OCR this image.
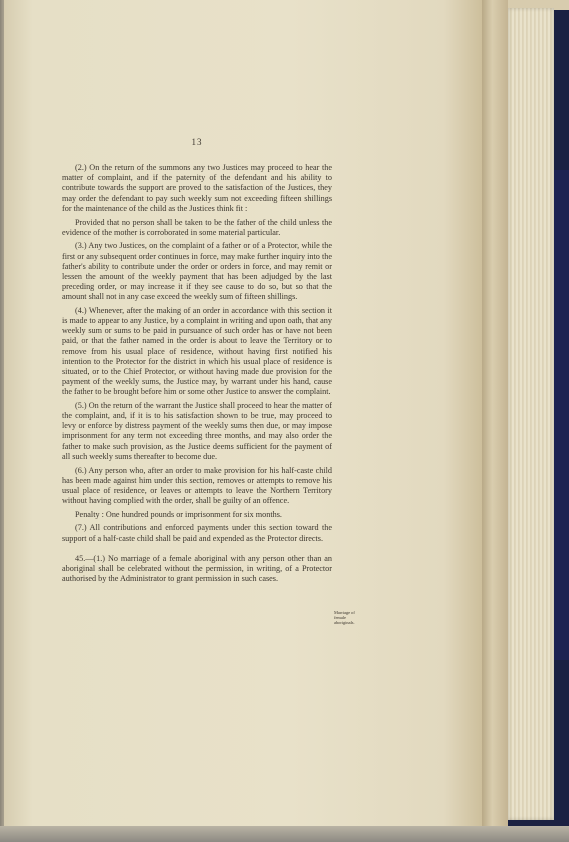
13

(2.) On the return of the summons any two Justices may proceed to hear the matter of complaint, and if the paternity of the defendant and his ability to contribute towards the support are proved to the satisfaction of the Justices, they may order the defendant to pay such weekly sum not exceeding fifteen shillings for the maintenance of the child as the Justices think fit :

Provided that no person shall be taken to be the father of the child unless the evidence of the mother is corroborated in some material particular.

(3.) Any two Justices, on the complaint of a father or of a Protector, while the first or any subsequent order continues in force, may make further inquiry into the father's ability to contribute under the order or orders in force, and may remit or lessen the amount of the weekly payment that has been adjudged by the last preceding order, or may increase it if they see cause to do so, but so that the amount shall not in any case exceed the weekly sum of fifteen shillings.

(4.) Whenever, after the making of an order in accordance with this section it is made to appear to any Justice, by a complaint in writing and upon oath, that any weekly sum or sums to be paid in pursuance of such order has or have not been paid, or that the father named in the order is about to leave the Territory or to remove from his usual place of residence, without having first notified his intention to the Protector for the district in which his usual place of residence is situated, or to the Chief Protector, or without having made due provision for the payment of the weekly sums, the Justice may, by warrant under his hand, cause the father to be brought before him or some other Justice to answer the complaint.

(5.) On the return of the warrant the Justice shall proceed to hear the matter of the complaint, and, if it is to his satisfaction shown to be true, may proceed to levy or enforce by distress payment of the weekly sums then due, or may impose imprisonment for any term not exceeding three months, and may also order the father to make such provision, as the Justice deems sufficient for the payment of all such weekly sums thereafter to become due.

(6.) Any person who, after an order to make provision for his half-caste child has been made against him under this section, removes or attempts to remove his usual place of residence, or leaves or attempts to leave the Northern Territory without having complied with the order, shall be guilty of an offence.

Penalty : One hundred pounds or imprisonment for six months.

(7.) All contributions and enforced payments under this section toward the support of a half-caste child shall be paid and expended as the Protector directs.

45.—(1.) No marriage of a female aboriginal with any person other than an aboriginal shall be celebrated without the permission, in writing, of a Protector authorised by the Administrator to grant permission in such cases.

Marriage of
female
aboriginals.
